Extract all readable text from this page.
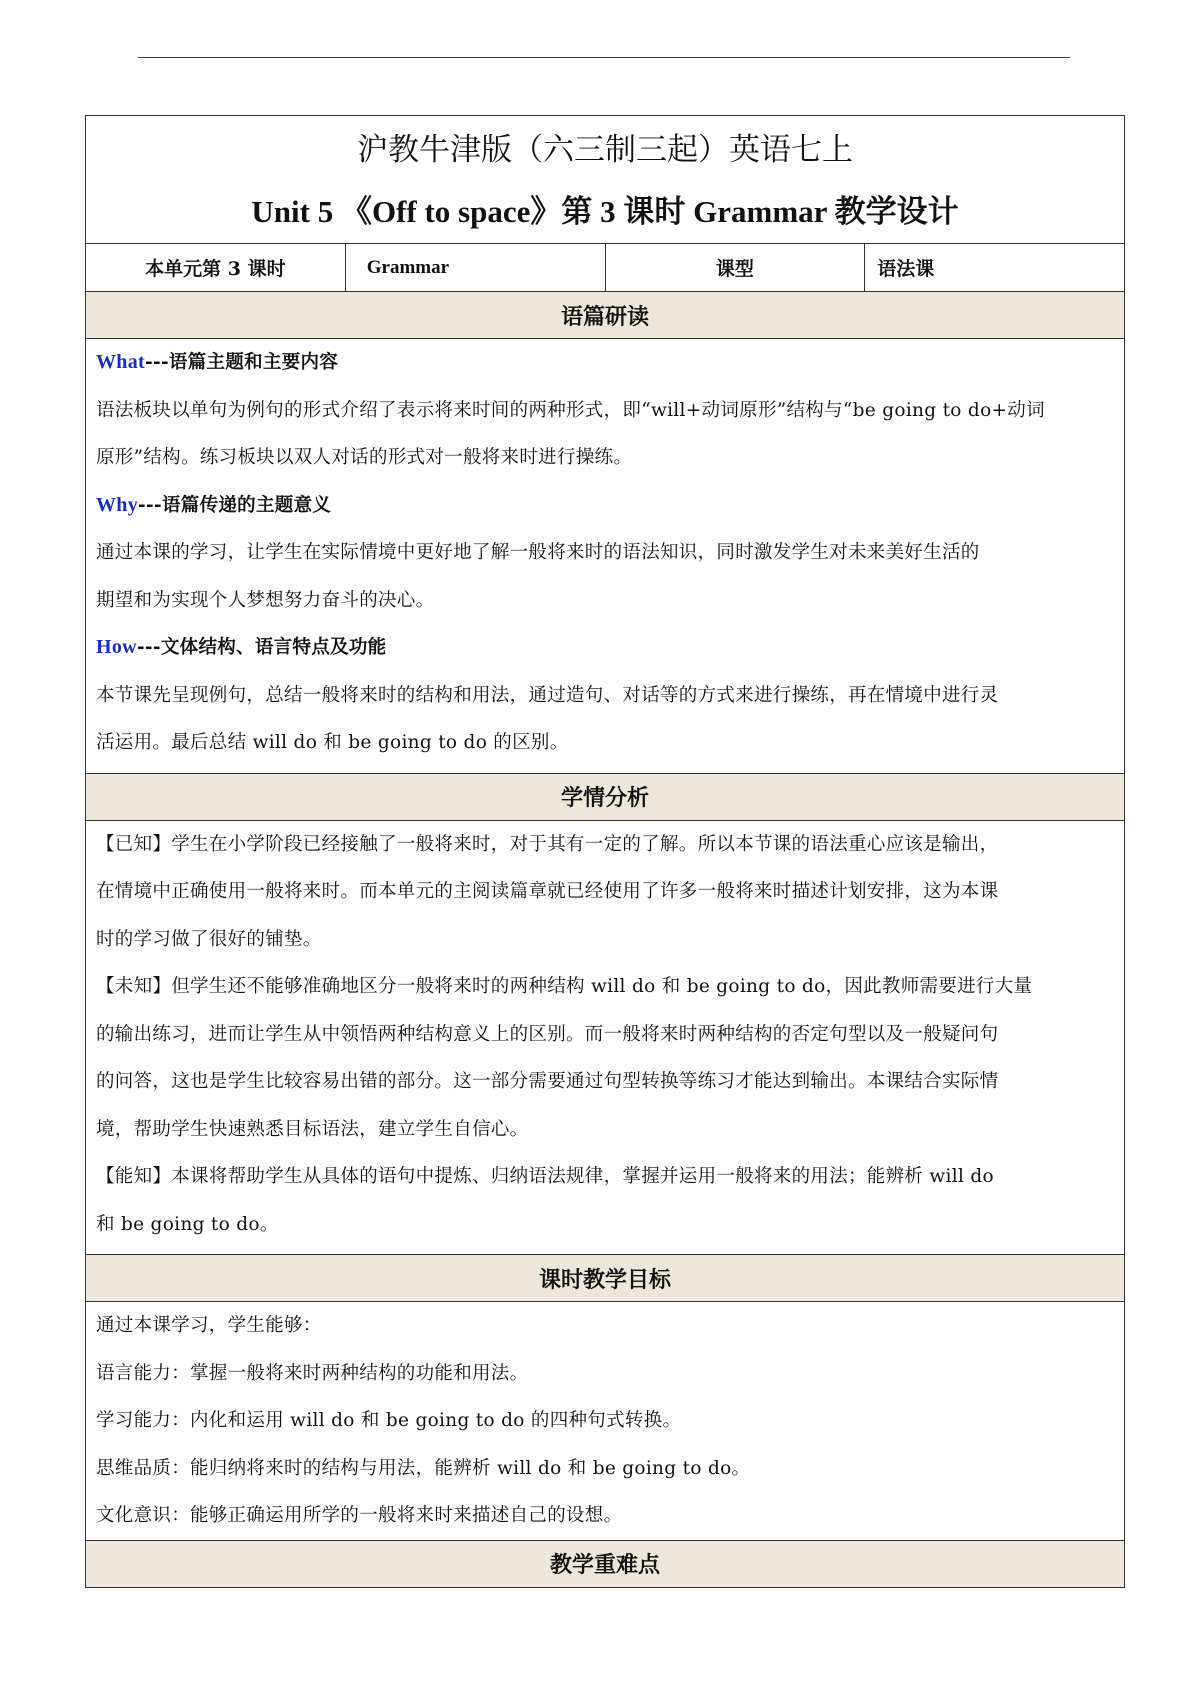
沪教牛津版（六三制三起）英语七上
Unit 5 《Off to space》第 3 课时 Grammar 教学设计

本单元第 3 课时	Grammar	课型	语法课
语篇研读

What---语篇主题和主要内容
语法板块以单句为例句的形式介绍了表示将来时间的两种形式，即“will+动词原形”结构与“be going to do+动词
原形”结构。练习板块以双人对话的形式对一般将来时进行操练。
Why---语篇传递的主题意义
通过本课的学习，让学生在实际情境中更好地了解一般将来时的语法知识，同时激发学生对未来美好生活的
期望和为实现个人梦想努力奋斗的决心。
How---文体结构、语言特点及功能
本节课先呈现例句，总结一般将来时的结构和用法，通过造句、对话等的方式来进行操练，再在情境中进行灵
活运用。最后总结 will do 和 be going to do 的区别。

学情分析

【已知】学生在小学阶段已经接触了一般将来时，对于其有一定的了解。所以本节课的语法重心应该是输出，
在情境中正确使用一般将来时。而本单元的主阅读篇章就已经使用了许多一般将来时描述计划安排，这为本课
时的学习做了很好的铺垫。
【未知】但学生还不能够准确地区分一般将来时的两种结构 will do 和 be going to do，因此教师需要进行大量
的输出练习，进而让学生从中领悟两种结构意义上的区别。而一般将来时两种结构的否定句型以及一般疑问句
的问答，这也是学生比较容易出错的部分。这一部分需要通过句型转换等练习才能达到输出。本课结合实际情
境，帮助学生快速熟悉目标语法，建立学生自信心。
【能知】本课将帮助学生从具体的语句中提炼、归纳语法规律，掌握并运用一般将来的用法；能辨析 will do
和 be going to do。

课时教学目标

通过本课学习，学生能够：
语言能力：掌握一般将来时两种结构的功能和用法。
学习能力：内化和运用 will do 和 be going to do 的四种句式转换。
思维品质：能归纳将来时的结构与用法，能辨析 will do 和 be going to do。
文化意识：能够正确运用所学的一般将来时来描述自己的设想。

教学重难点
